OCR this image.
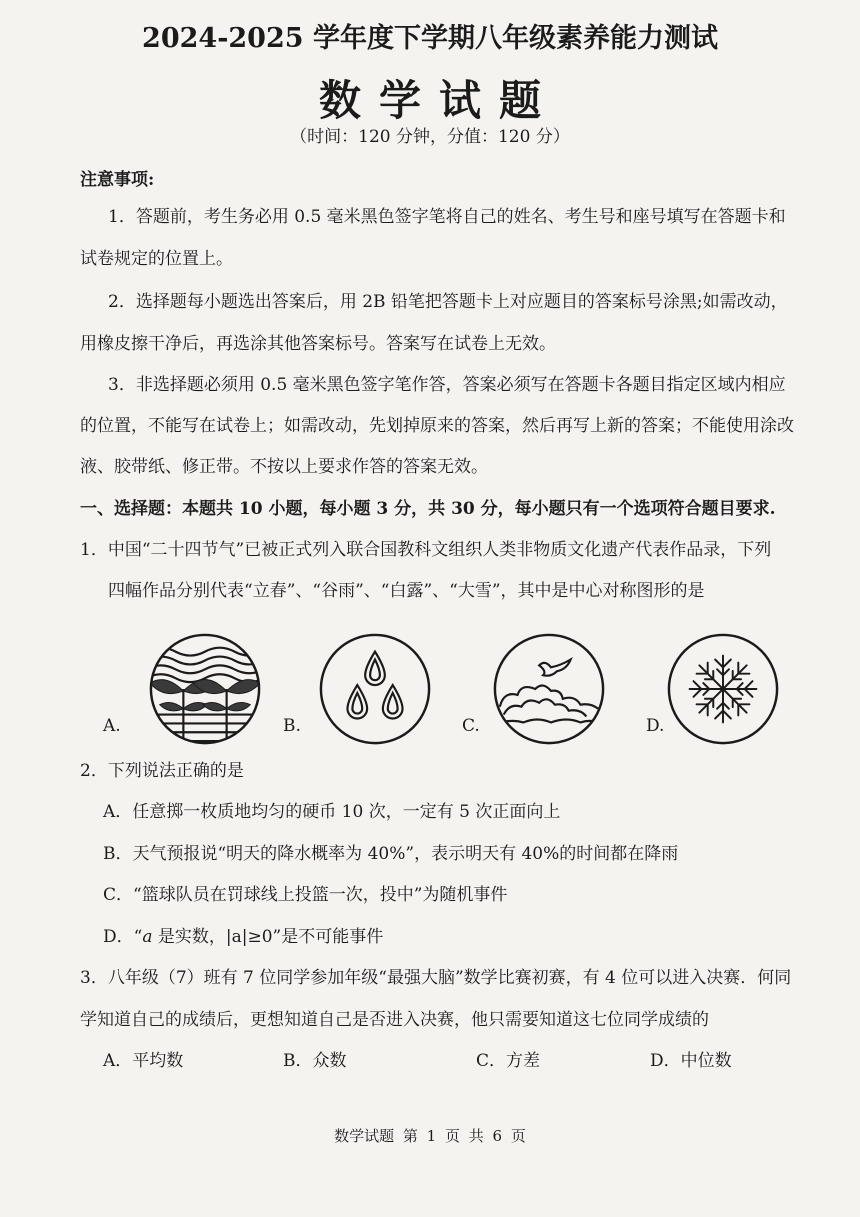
2024-2025 学年度下学期八年级素养能力测试
数学试题
（时间：120 分钟，分值：120 分）
注意事项:
1．答题前，考生务必用 0.5 毫米黑色签字笔将自己的姓名、考生号和座号填写在答题卡和
试卷规定的位置上。
2．选择题每小题选出答案后，用 2B 铅笔把答题卡上对应题目的答案标号涂黑;如需改动，
用橡皮擦干净后，再选涂其他答案标号。答案写在试卷上无效。
3．非选择题必须用 0.5 毫米黑色签字笔作答，答案必须写在答题卡各题目指定区域内相应
的位置，不能写在试卷上；如需改动，先划掉原来的答案，然后再写上新的答案；不能使用涂改
液、胶带纸、修正带。不按以上要求作答的答案无效。
一、选择题：本题共 10 小题，每小题 3 分，共 30 分，每小题只有一个选项符合题目要求.
1．中国“二十四节气”已被正式列入联合国教科文组织人类非物质文化遗产代表作品录，下列
四幅作品分别代表“立春”、“谷雨”、“白露”、“大雪”，其中是中心对称图形的是
A.	B.	C.	D.
2．下列说法正确的是
A．任意掷一枚质地均匀的硬币 10 次，一定有 5 次正面向上
B．天气预报说“明天的降水概率为 40%”，表示明天有 40%的时间都在降雨
C．“篮球队员在罚球线上投篮一次，投中”为随机事件
D．“a 是实数，|a|≥0”是不可能事件
3．八年级（7）班有 7 位同学参加年级“最强大脑”数学比赛初赛，有 4 位可以进入决赛．何同
学知道自己的成绩后，更想知道自己是否进入决赛，他只需要知道这七位同学成绩的
A．平均数	B．众数	C．方差	D．中位数
数学试题 第 1 页 共 6 页
